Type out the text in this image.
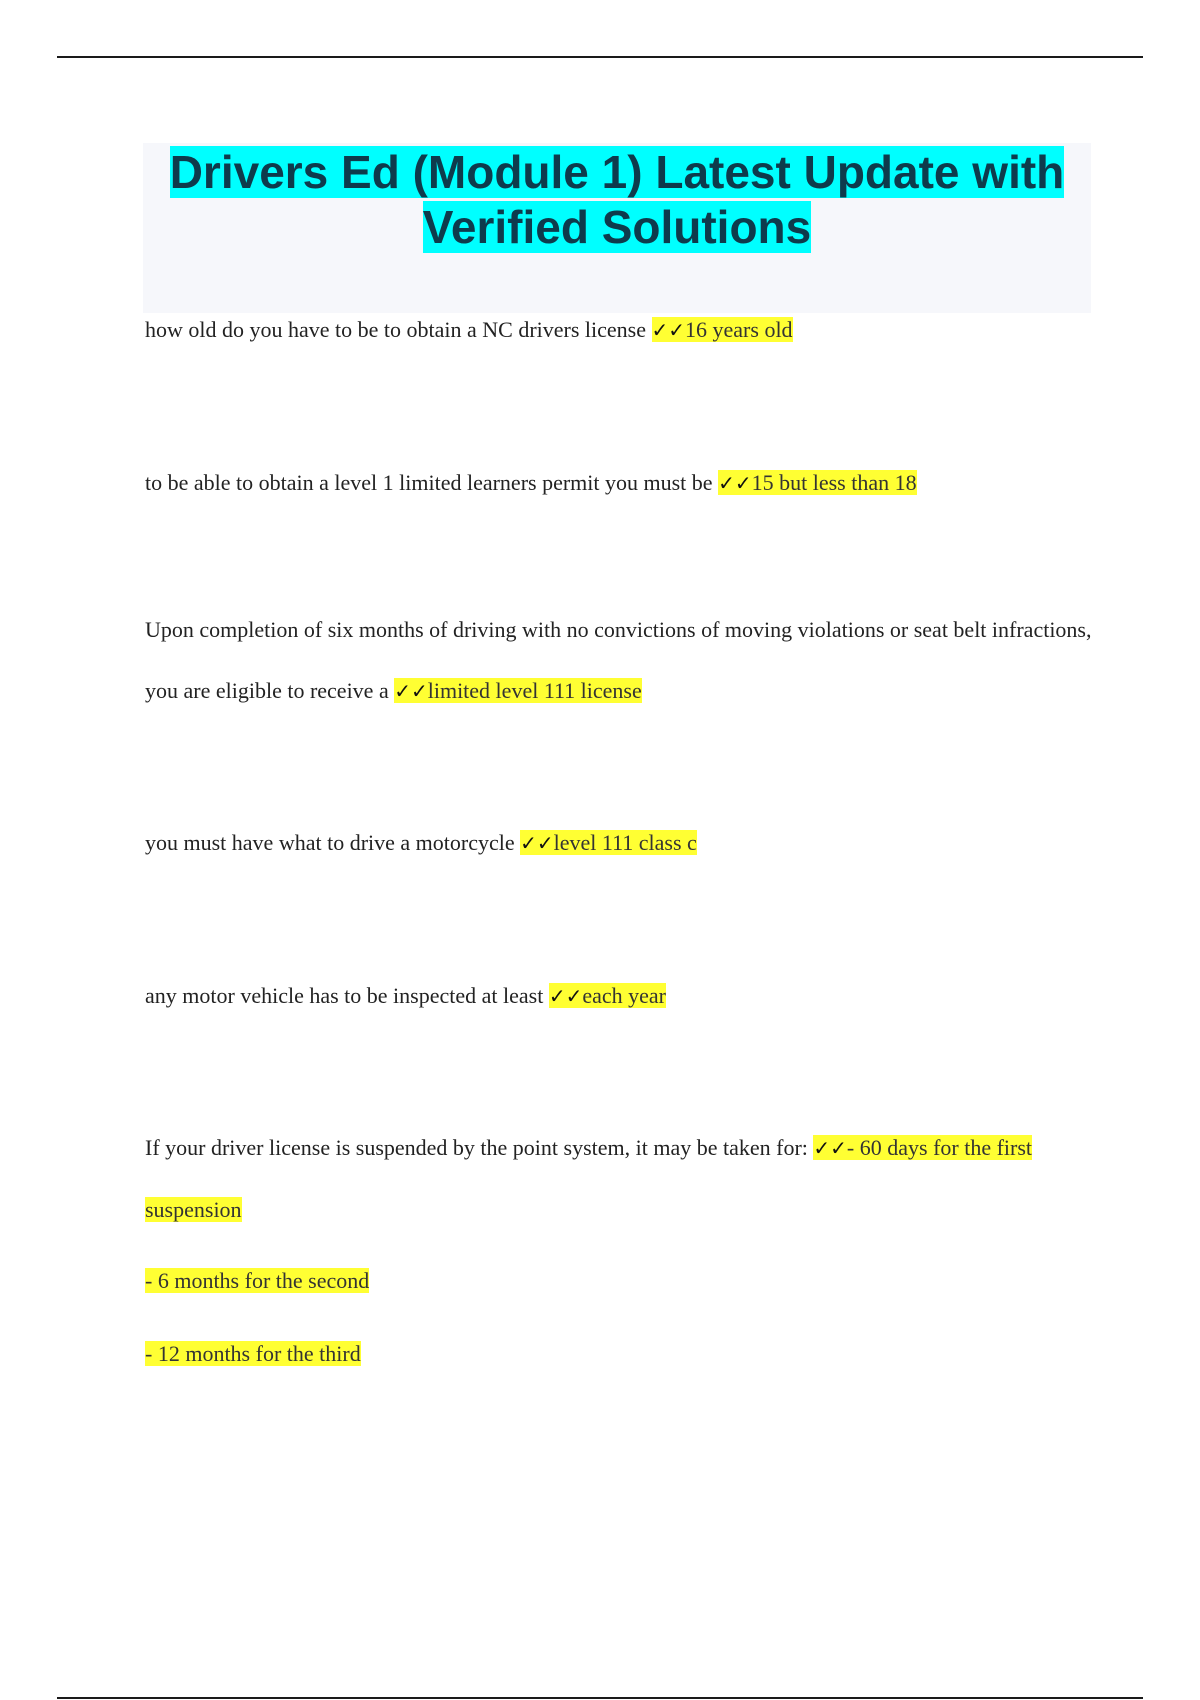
Drivers Ed (Module 1) Latest Update with
Verified Solutions
how old do you have to be to obtain a NC drivers license ✓✓16 years old
to be able to obtain a level 1 limited learners permit you must be ✓✓15 but less than 18
Upon completion of six months of driving with no convictions of moving violations or seat belt infractions, you are eligible to receive a ✓✓limited level 111 license
you must have what to drive a motorcycle ✓✓level 111 class c
any motor vehicle has to be inspected at least ✓✓each year
If your driver license is suspended by the point system, it may be taken for: ✓✓- 60 days for the first suspension
- 6 months for the second
- 12 months for the third
